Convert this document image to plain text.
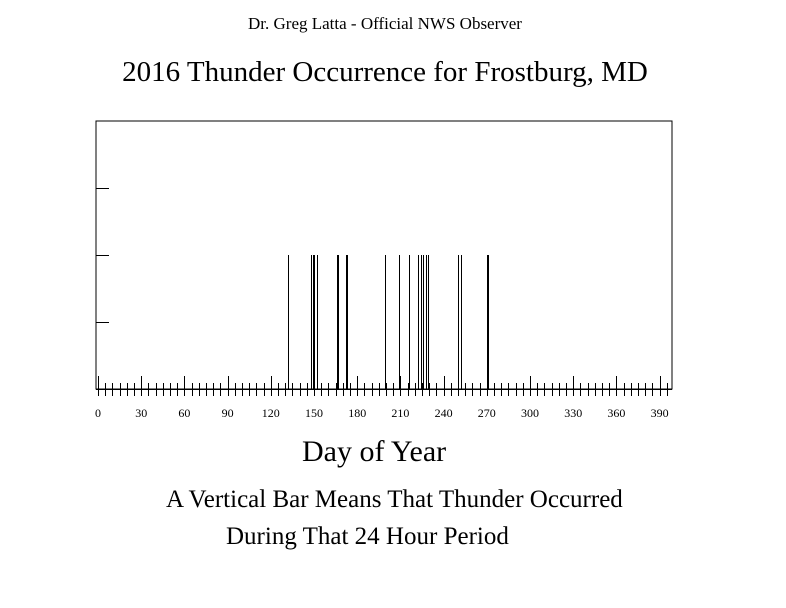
Dr. Greg Latta - Official NWS Observer
2016 Thunder Occurrence for Frostburg, MD
0	30	60	90 120 150 180 210 240 270 300 330 360 390
Day of Year
A Vertical Bar Means That Thunder Occurred
During That 24 Hour Period
